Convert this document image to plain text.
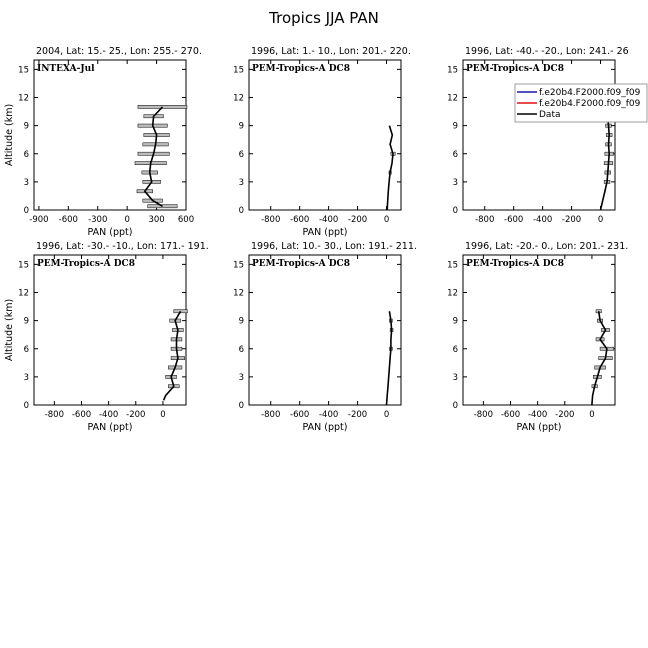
Tropics JJA PAN
2004, Lat: 15.- 25., Lon: 255.- 270.
INTEXA-Jul
-900 -600 -300 0 300 600
0
3
6
9
12
15
PAN (ppt)
Altitude (km)
1996, Lat: 1.- 10., Lon: 201.- 220.
PEM-Tropics-A DC8
-800 -600 -400 -200 0
0
3
6
9
12
15
PAN (ppt)
1996, Lat: -40.- -20., Lon: 241.- 26
PEM-Tropics-A DC8
-800 -600 -400 -200 0
0
3
6
9
12
15
1996, Lat: -30.- -10., Lon: 171.- 191.
PEM-Tropics-A DC8
-800 -600 -400 -200 0
0
3
6
9
12
15
PAN (ppt)
Altitude (km)
1996, Lat: 10.- 30., Lon: 191.- 211.
PEM-Tropics-A DC8
-800 -600 -400 -200 0
0
3
6
9
12
15
PAN (ppt)
1996, Lat: -20.- 0., Lon: 201.- 231.
PEM-Tropics-A DC8
-800 -600 -400 -200 0
0
3
6
9
12
15
PAN (ppt)
f.e20b4.F2000.f09_f09
f.e20b4.F2000.f09_f09
Data
